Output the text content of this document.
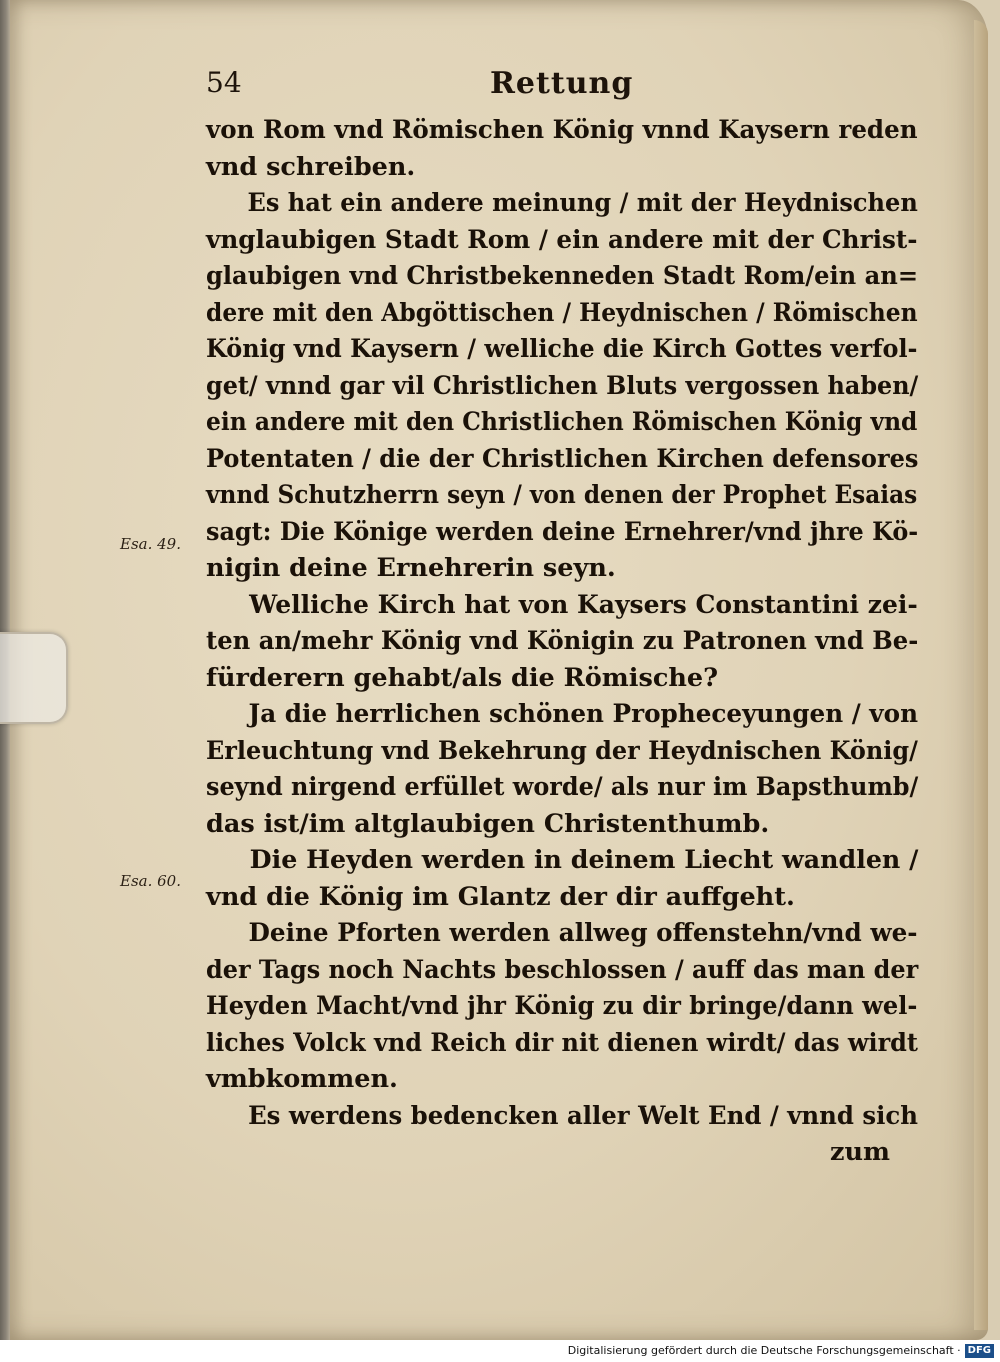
54	Rettung
Esa. 49.
Esa. 60.
von Rom vnd Römischen König vnnd Kaysern reden
vnd schreiben.
Es hat ein andere meinung / mit der Heydnischen
vnglaubigen Stadt Rom / ein andere mit der Christ-
glaubigen vnd Christbekenneden Stadt Rom/ein an=
dere mit den Abgöttischen / Heydnischen / Römischen
König vnd Kaysern / welliche die Kirch Gottes verfol-
get/ vnnd gar vil Christlichen Bluts vergossen haben/
ein andere mit den Christlichen Römischen König vnd
Potentaten / die der Christlichen Kirchen defensores
vnnd Schutzherrn seyn / von denen der Prophet Esaias
sagt: Die Könige werden deine Ernehrer/vnd jhre Kö-
nigin deine Ernehrerin seyn.
Welliche Kirch hat von Kaysers Constantini zei-
ten an/mehr König vnd Königin zu Patronen vnd Be-
fürderern gehabt/als die Römische?
Ja die herrlichen schönen Propheceyungen / von
Erleuchtung vnd Bekehrung der Heydnischen König/
seynd nirgend erfüllet worde/ als nur im Bapsthumb/
das ist/im altglaubigen Christenthumb.
Die Heyden werden in deinem Liecht wandlen /
vnd die König im Glantz der dir auffgeht.
Deine Pforten werden allweg offenstehn/vnd we-
der Tags noch Nachts beschlossen / auff das man der
Heyden Macht/vnd jhr König zu dir bringe/dann wel-
liches Volck vnd Reich dir nit dienen wirdt/ das wirdt
vmbkommen.
Es werdens bedencken aller Welt End / vnnd sich
zum
Digitalisierung gefördert durch die Deutsche Forschungsgemeinschaft · DFG
